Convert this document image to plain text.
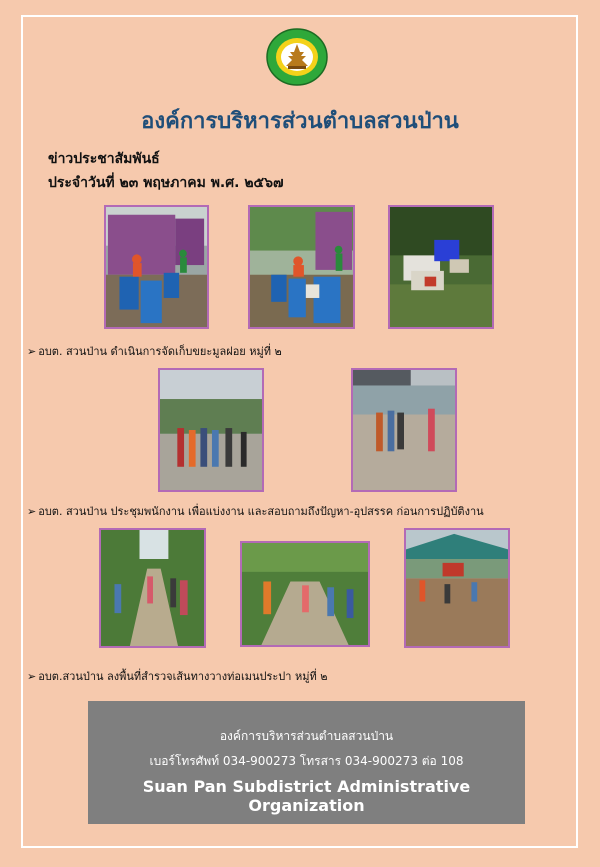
องค์การบริหารส่วนตำบลสวนป่าน
ข่าวประชาสัมพันธ์
ประจำวันที่ ๒๓ พฤษภาคม พ.ศ. ๒๕๖๗
➢ อบต. สวนป่าน ดำเนินการจัดเก็บขยะมูลฝอย หมู่ที่ ๒
➢ อบต. สวนป่าน ประชุมพนักงาน เพื่อแบ่งงาน และสอบถามถึงปัญหา-อุปสรรค ก่อนการปฏิบัติงาน
➢ อบต.สวนป่าน ลงพื้นที่สำรวจเส้นทางวางท่อเมนประปา หมู่ที่ ๒
องค์การบริหารส่วนตำบลสวนป่าน
เบอร์โทรศัพท์ 034-900273 โทรสาร 034-900273 ต่อ 108
Suan Pan Subdistrict Administrative Organization
